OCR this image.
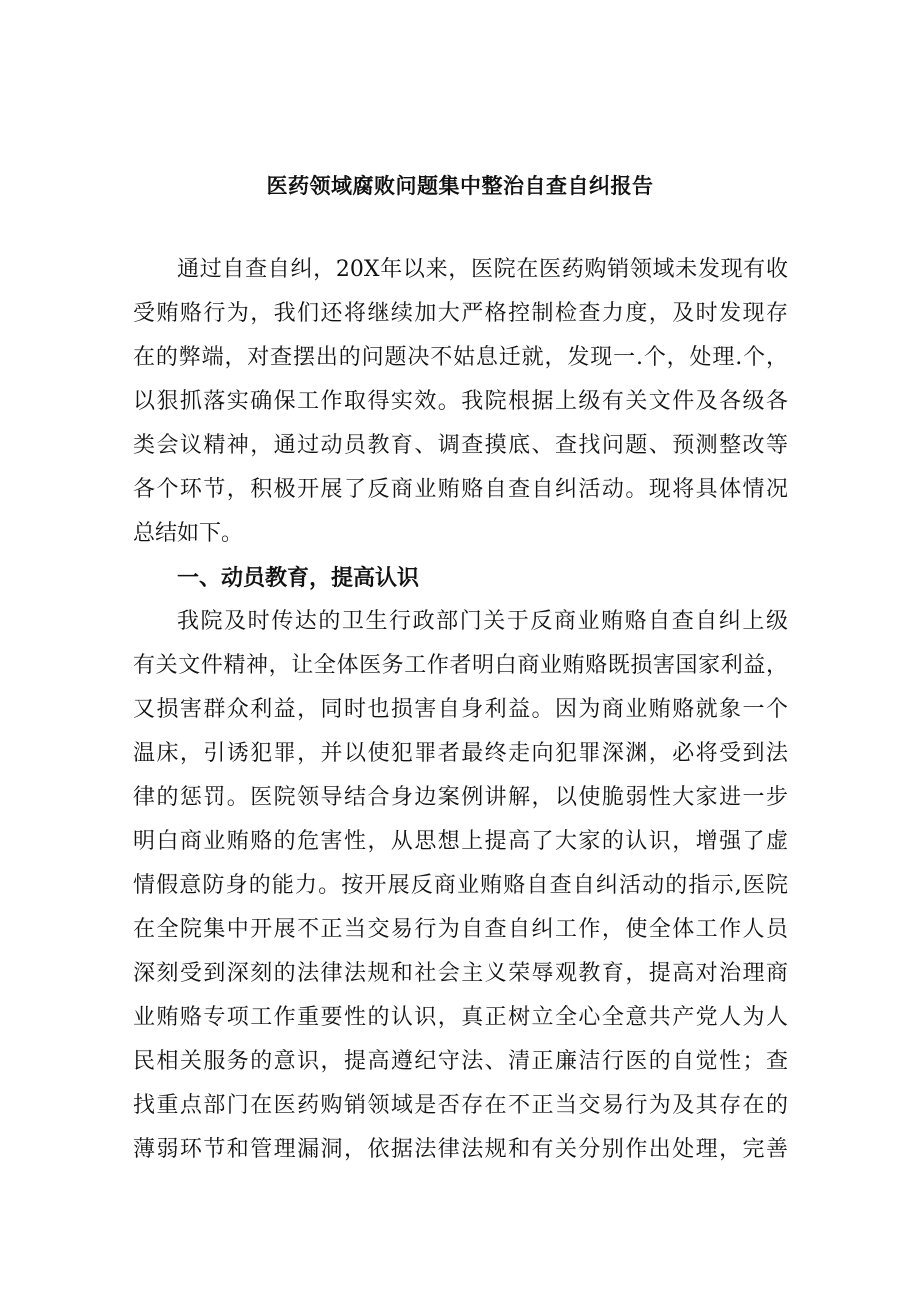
医药领域腐败问题集中整治自查自纠报告
通过自查自纠，20X年以来，医院在医药购销领域未发现有收
受贿赂行为，我们还将继续加大严格控制检查力度，及时发现存
在的弊端，对查摆出的问题决不姑息迁就，发现一.个，处理.个，
以狠抓落实确保工作取得实效。我院根据上级有关文件及各级各
类会议精神，通过动员教育、调查摸底、查找问题、预测整改等
各个环节，积极开展了反商业贿赂自查自纠活动。现将具体情况
总结如下。
一、动员教育，提高认识
我院及时传达的卫生行政部门关于反商业贿赂自查自纠上级
有关文件精神，让全体医务工作者明白商业贿赂既损害国家利益，
又损害群众利益，同时也损害自身利益。因为商业贿赂就象一个
温床，引诱犯罪，并以使犯罪者最终走向犯罪深渊，必将受到法
律的惩罚。医院领导结合身边案例讲解，以使脆弱性大家进一步
明白商业贿赂的危害性，从思想上提高了大家的认识，增强了虚
情假意防身的能力。按开展反商业贿赂自查自纠活动的指示,医院
在全院集中开展不正当交易行为自查自纠工作，使全体工作人员
深刻受到深刻的法律法规和社会主义荣辱观教育，提高对治理商
业贿赂专项工作重要性的认识，真正树立全心全意共产党人为人
民相关服务的意识，提高遵纪守法、清正廉洁行医的自觉性；查
找重点部门在医药购销领域是否存在不正当交易行为及其存在的
薄弱环节和管理漏洞，依据法律法规和有关分别作出处理，完善
